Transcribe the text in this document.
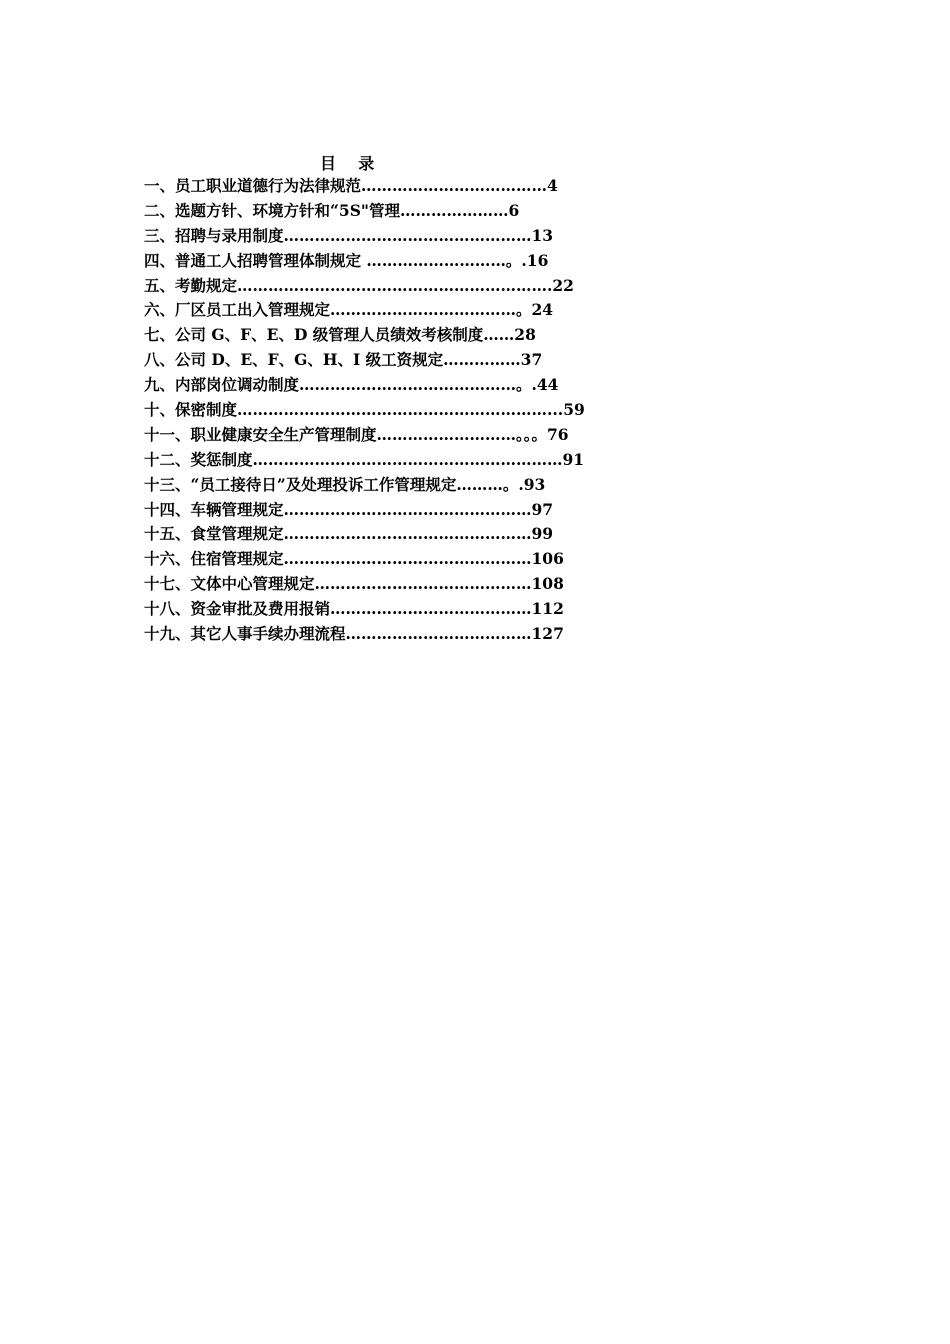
目    录
一、员工职业道德行为法律规范………………………………4
二、选题方针、环境方针和“5S"管理…………………6
三、招聘与录用制度…………………………………………13
四、普通工人招聘管理体制规定 ………………………。.16
五、考勤规定…………………………………………………….22
六、厂区员工出入管理规定………………………………。24
七、公司 G、F、E、D 级管理人员绩效考核制度……28
八、公司 D、E、F、G、H、I 级工资规定……………37
九、内部岗位调动制度……………………………………。.44
十、保密制度……………………………………………………...59
十一、职业健康安全生产管理制度………………………。。。76
十二、奖惩制度……………………………………………………91
十三、“员工接待日”及处理投诉工作管理规定………。.93
十四、车辆管理规定…………………………………………97
十五、食堂管理规定…………………………………………99
十六、住宿管理规定…………………………………………106
十七、文体中心管理规定……………………………………108
十八、资金审批及费用报销…………………………………112
十九、其它人事手续办理流程………………………………127
